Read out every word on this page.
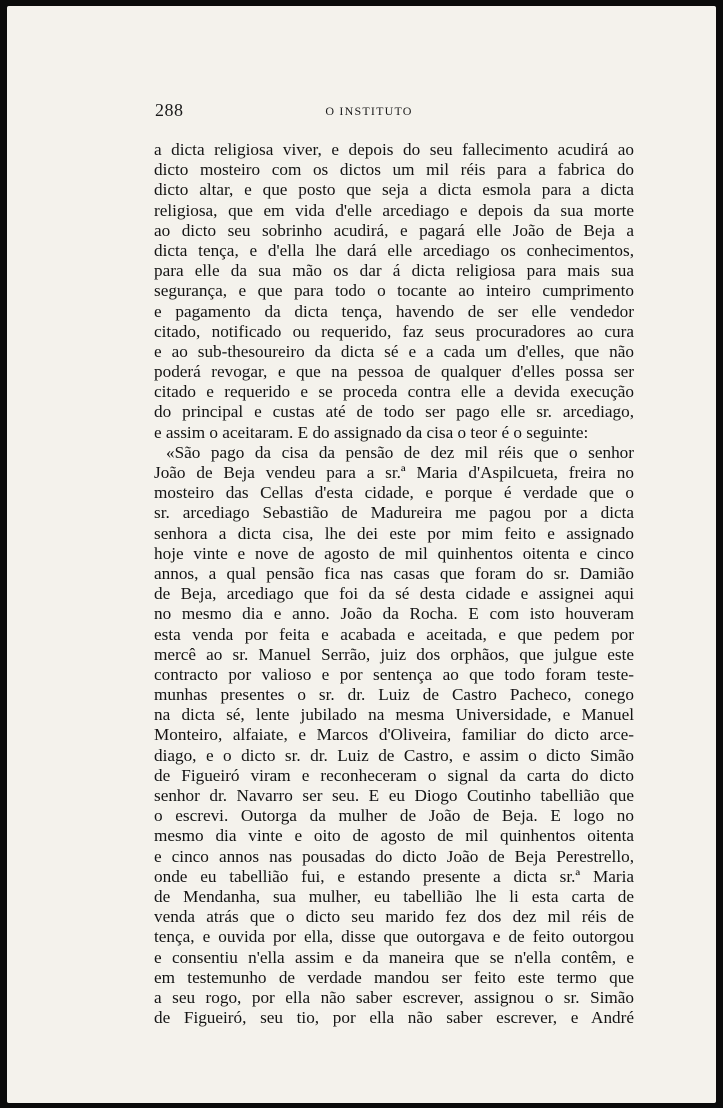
288	O INSTITUTO
a dicta religiosa viver, e depois do seu fallecimento acudirá ao
dicto mosteiro com os dictos um mil réis para a fabrica do
dicto altar, e que posto que seja a dicta esmola para a dicta
religiosa, que em vida d'elle arcediago e depois da sua morte
ao dicto seu sobrinho acudirá, e pagará elle João de Beja a
dicta tença, e d'ella lhe dará elle arcediago os conhecimentos,
para elle da sua mão os dar á dicta religiosa para mais sua
segurança, e que para todo o tocante ao inteiro cumprimento
e pagamento da dicta tença, havendo de ser elle vendedor
citado, notificado ou requerido, faz seus procuradores ao cura
e ao sub-thesoureiro da dicta sé e a cada um d'elles, que não
poderá revogar, e que na pessoa de qualquer d'elles possa ser
citado e requerido e se proceda contra elle a devida execução
do principal e custas até de todo ser pago elle sr. arcediago,
e assim o aceitaram. E do assignado da cisa o teor é o seguinte:
«São pago da cisa da pensão de dez mil réis que o senhor
João de Beja vendeu para a sr.ª Maria d'Aspilcueta, freira no
mosteiro das Cellas d'esta cidade, e porque é verdade que o
sr. arcediago Sebastião de Madureira me pagou por a dicta
senhora a dicta cisa, lhe dei este por mim feito e assignado
hoje vinte e nove de agosto de mil quinhentos oitenta e cinco
annos, a qual pensão fica nas casas que foram do sr. Damião
de Beja, arcediago que foi da sé desta cidade e assignei aqui
no mesmo dia e anno. João da Rocha. E com isto houveram
esta venda por feita e acabada e aceitada, e que pedem por
mercê ao sr. Manuel Serrão, juiz dos orphãos, que julgue este
contracto por valioso e por sentença ao que todo foram teste-
munhas presentes o sr. dr. Luiz de Castro Pacheco, conego
na dicta sé, lente jubilado na mesma Universidade, e Manuel
Monteiro, alfaiate, e Marcos d'Oliveira, familiar do dicto arce-
diago, e o dicto sr. dr. Luiz de Castro, e assim o dicto Simão
de Figueiró viram e reconheceram o signal da carta do dicto
senhor dr. Navarro ser seu. E eu Diogo Coutinho tabellião que
o escrevi. Outorga da mulher de João de Beja. E logo no
mesmo dia vinte e oito de agosto de mil quinhentos oitenta
e cinco annos nas pousadas do dicto João de Beja Perestrello,
onde eu tabellião fui, e estando presente a dicta sr.ª Maria
de Mendanha, sua mulher, eu tabellião lhe li esta carta de
venda atrás que o dicto seu marido fez dos dez mil réis de
tença, e ouvida por ella, disse que outorgava e de feito outorgou
e consentiu n'ella assim e da maneira que se n'ella contêm, e
em testemunho de verdade mandou ser feito este termo que
a seu rogo, por ella não saber escrever, assignou o sr. Simão
de Figueiró, seu tio, por ella não saber escrever, e André
